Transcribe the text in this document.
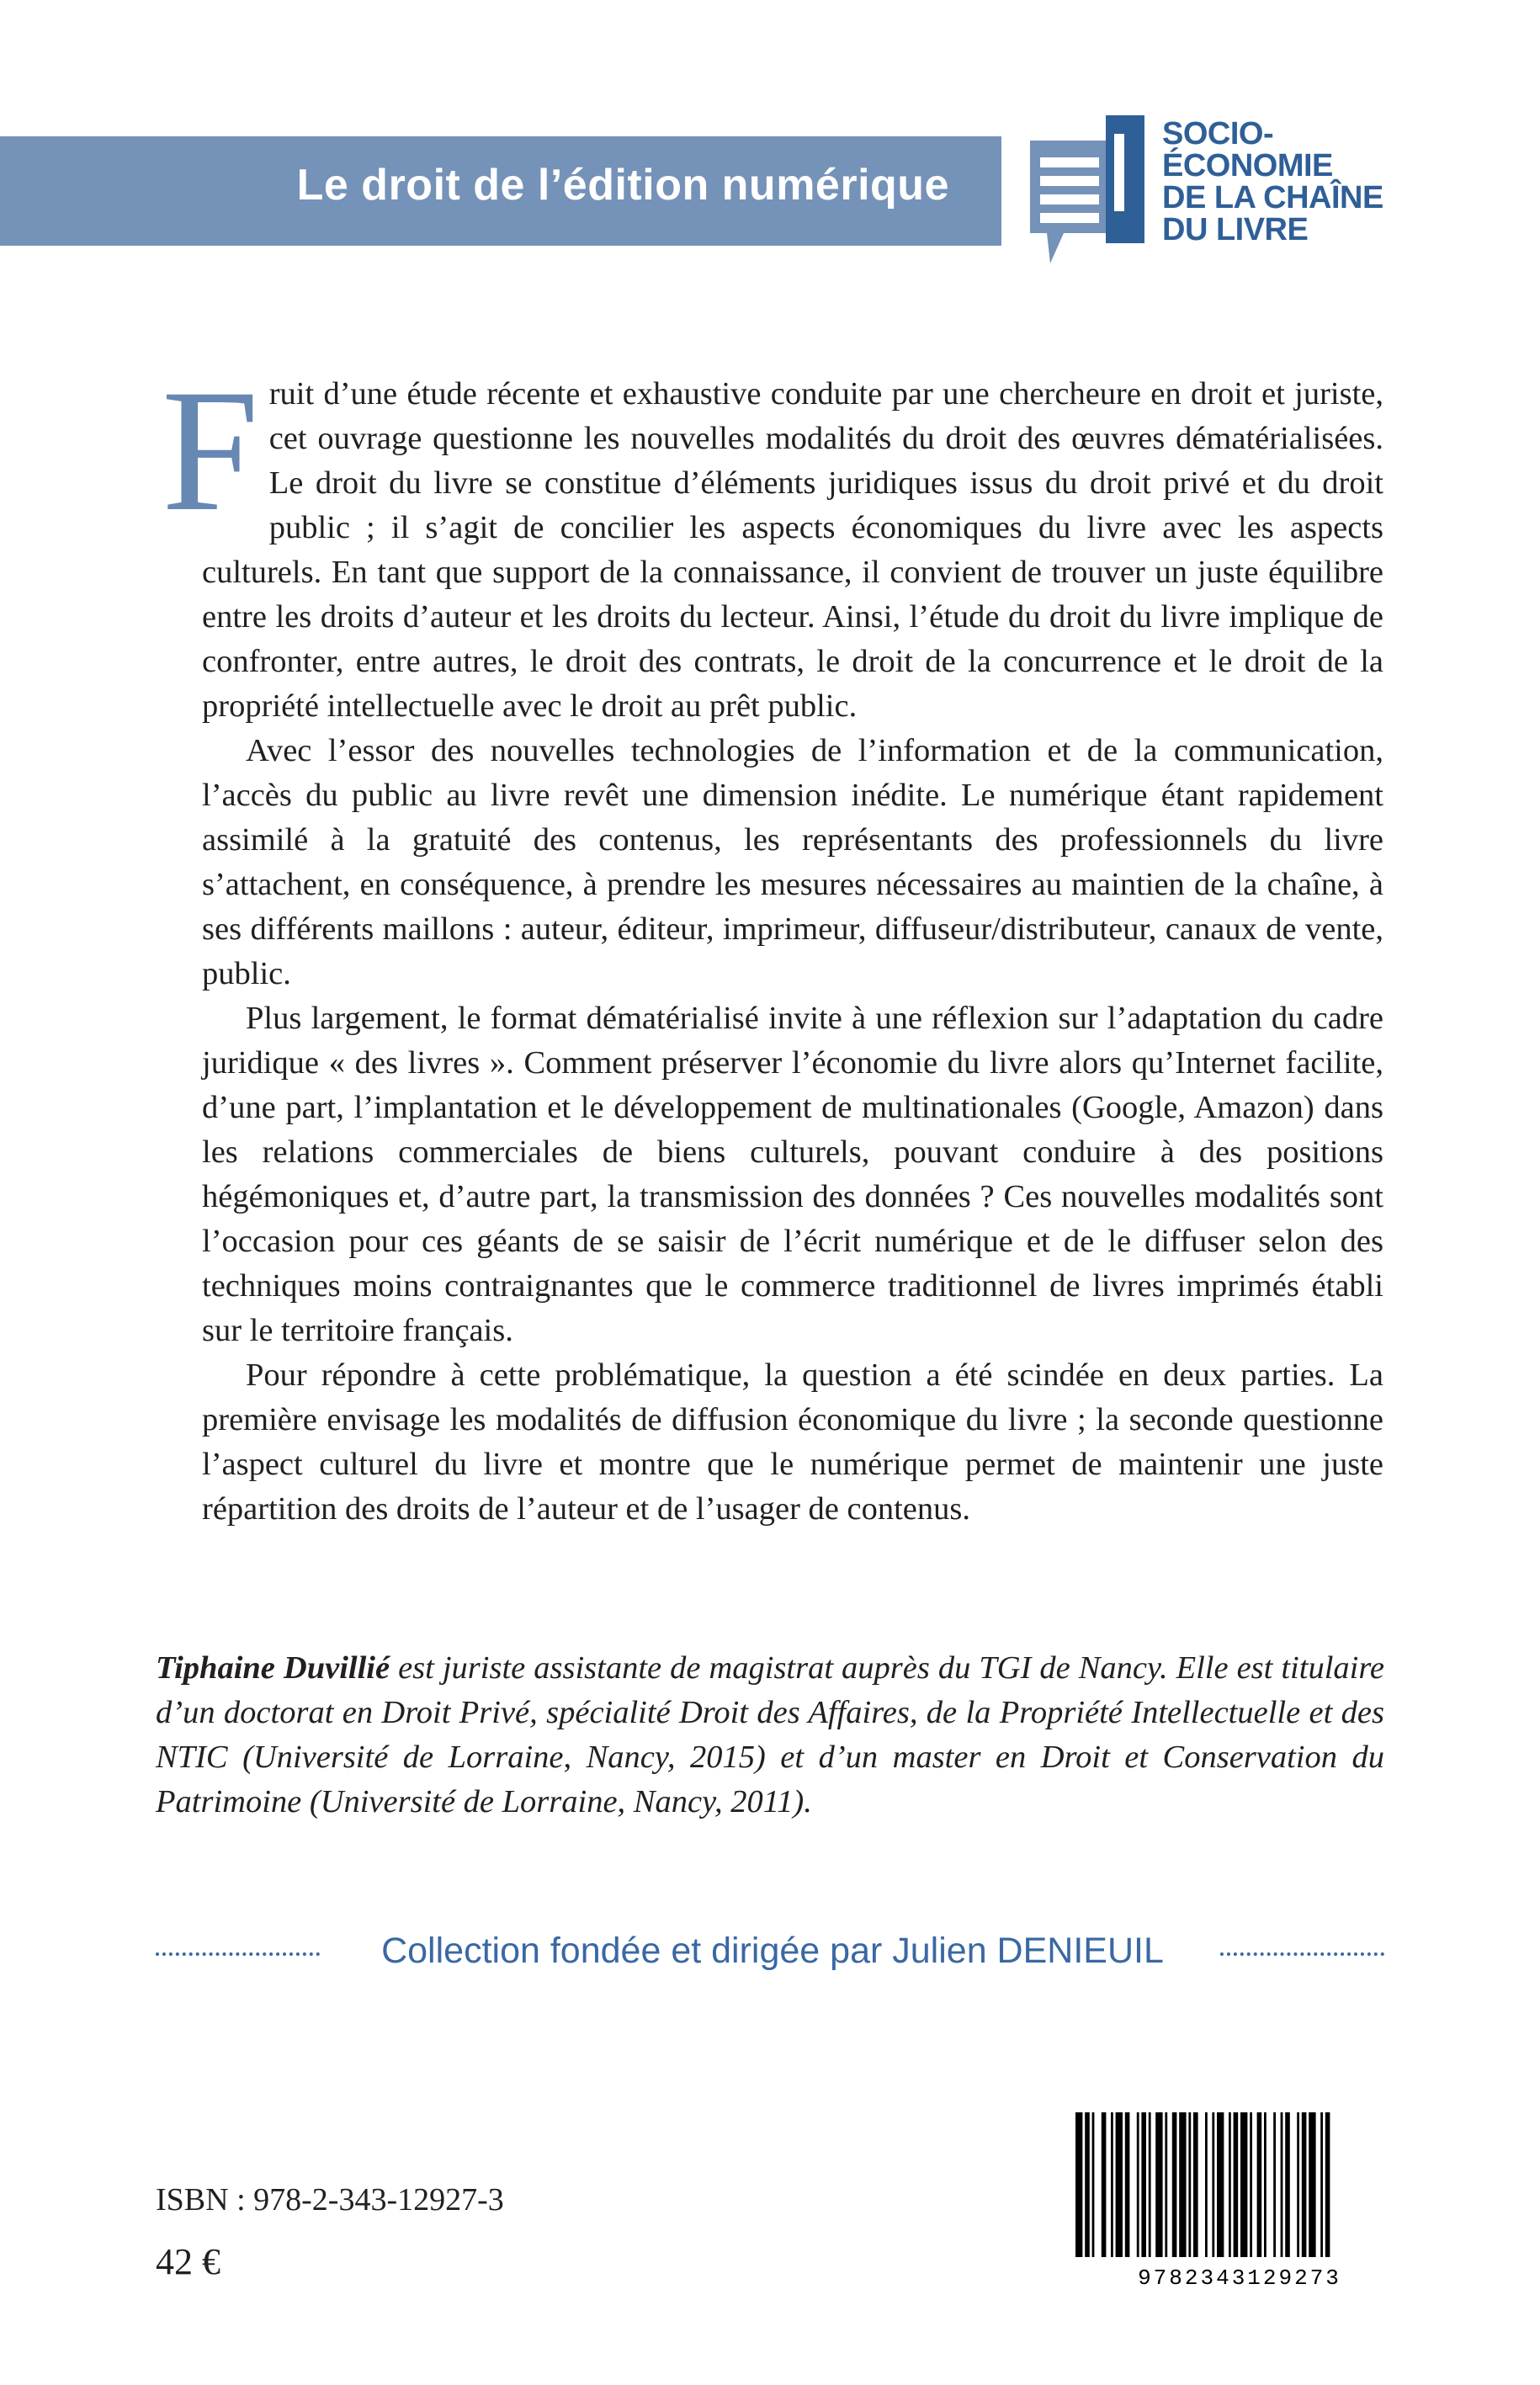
Le droit de l’édition numérique
SOCIO-
ÉCONOMIE
DE LA CHAÎNE
DU LIVRE

Fruit d’une étude récente et exhaustive conduite par une chercheure en droit et juriste, cet ouvrage questionne les nouvelles modalités du droit des œuvres dématérialisées. Le droit du livre se constitue d’éléments juridiques issus du droit privé et du droit public ; il s’agit de concilier les aspects économiques du livre avec les aspects culturels. En tant que support de la connaissance, il convient de trouver un juste équilibre entre les droits d’auteur et les droits du lecteur. Ainsi, l’étude du droit du livre implique de confronter, entre autres, le droit des contrats, le droit de la concurrence et le droit de la propriété intellectuelle avec le droit au prêt public.

Avec l’essor des nouvelles technologies de l’information et de la communication, l’accès du public au livre revêt une dimension inédite. Le numérique étant rapidement assimilé à la gratuité des contenus, les représentants des professionnels du livre s’attachent, en conséquence, à prendre les mesures nécessaires au maintien de la chaîne, à ses différents maillons : auteur, éditeur, imprimeur, diffuseur/distributeur, canaux de vente, public.

Plus largement, le format dématérialisé invite à une réflexion sur l’adaptation du cadre juridique « des livres ». Comment préserver l’économie du livre alors qu’Internet facilite, d’une part, l’implantation et le développement de multinationales (Google, Amazon) dans les relations commerciales de biens culturels, pouvant conduire à des positions hégémoniques et, d’autre part, la transmission des données ? Ces nouvelles modalités sont l’occasion pour ces géants de se saisir de l’écrit numérique et de le diffuser selon des techniques moins contraignantes que le commerce traditionnel de livres imprimés établi sur le territoire français.

Pour répondre à cette problématique, la question a été scindée en deux parties. La première envisage les modalités de diffusion économique du livre ; la seconde questionne l’aspect culturel du livre et montre que le numérique permet de maintenir une juste répartition des droits de l’auteur et de l’usager de contenus.

Tiphaine Duvillié est juriste assistante de magistrat auprès du TGI de Nancy. Elle est titulaire d’un doctorat en Droit Privé, spécialité Droit des Affaires, de la Propriété Intellectuelle et des NTIC (Université de Lorraine, Nancy, 2015) et d’un master en Droit et Conservation du Patrimoine (Université de Lorraine, Nancy, 2011).
Collection fondée et dirigée par Julien DENIEUIL
ISBN : 978-2-343-12927-3
42 €	9782343129273
